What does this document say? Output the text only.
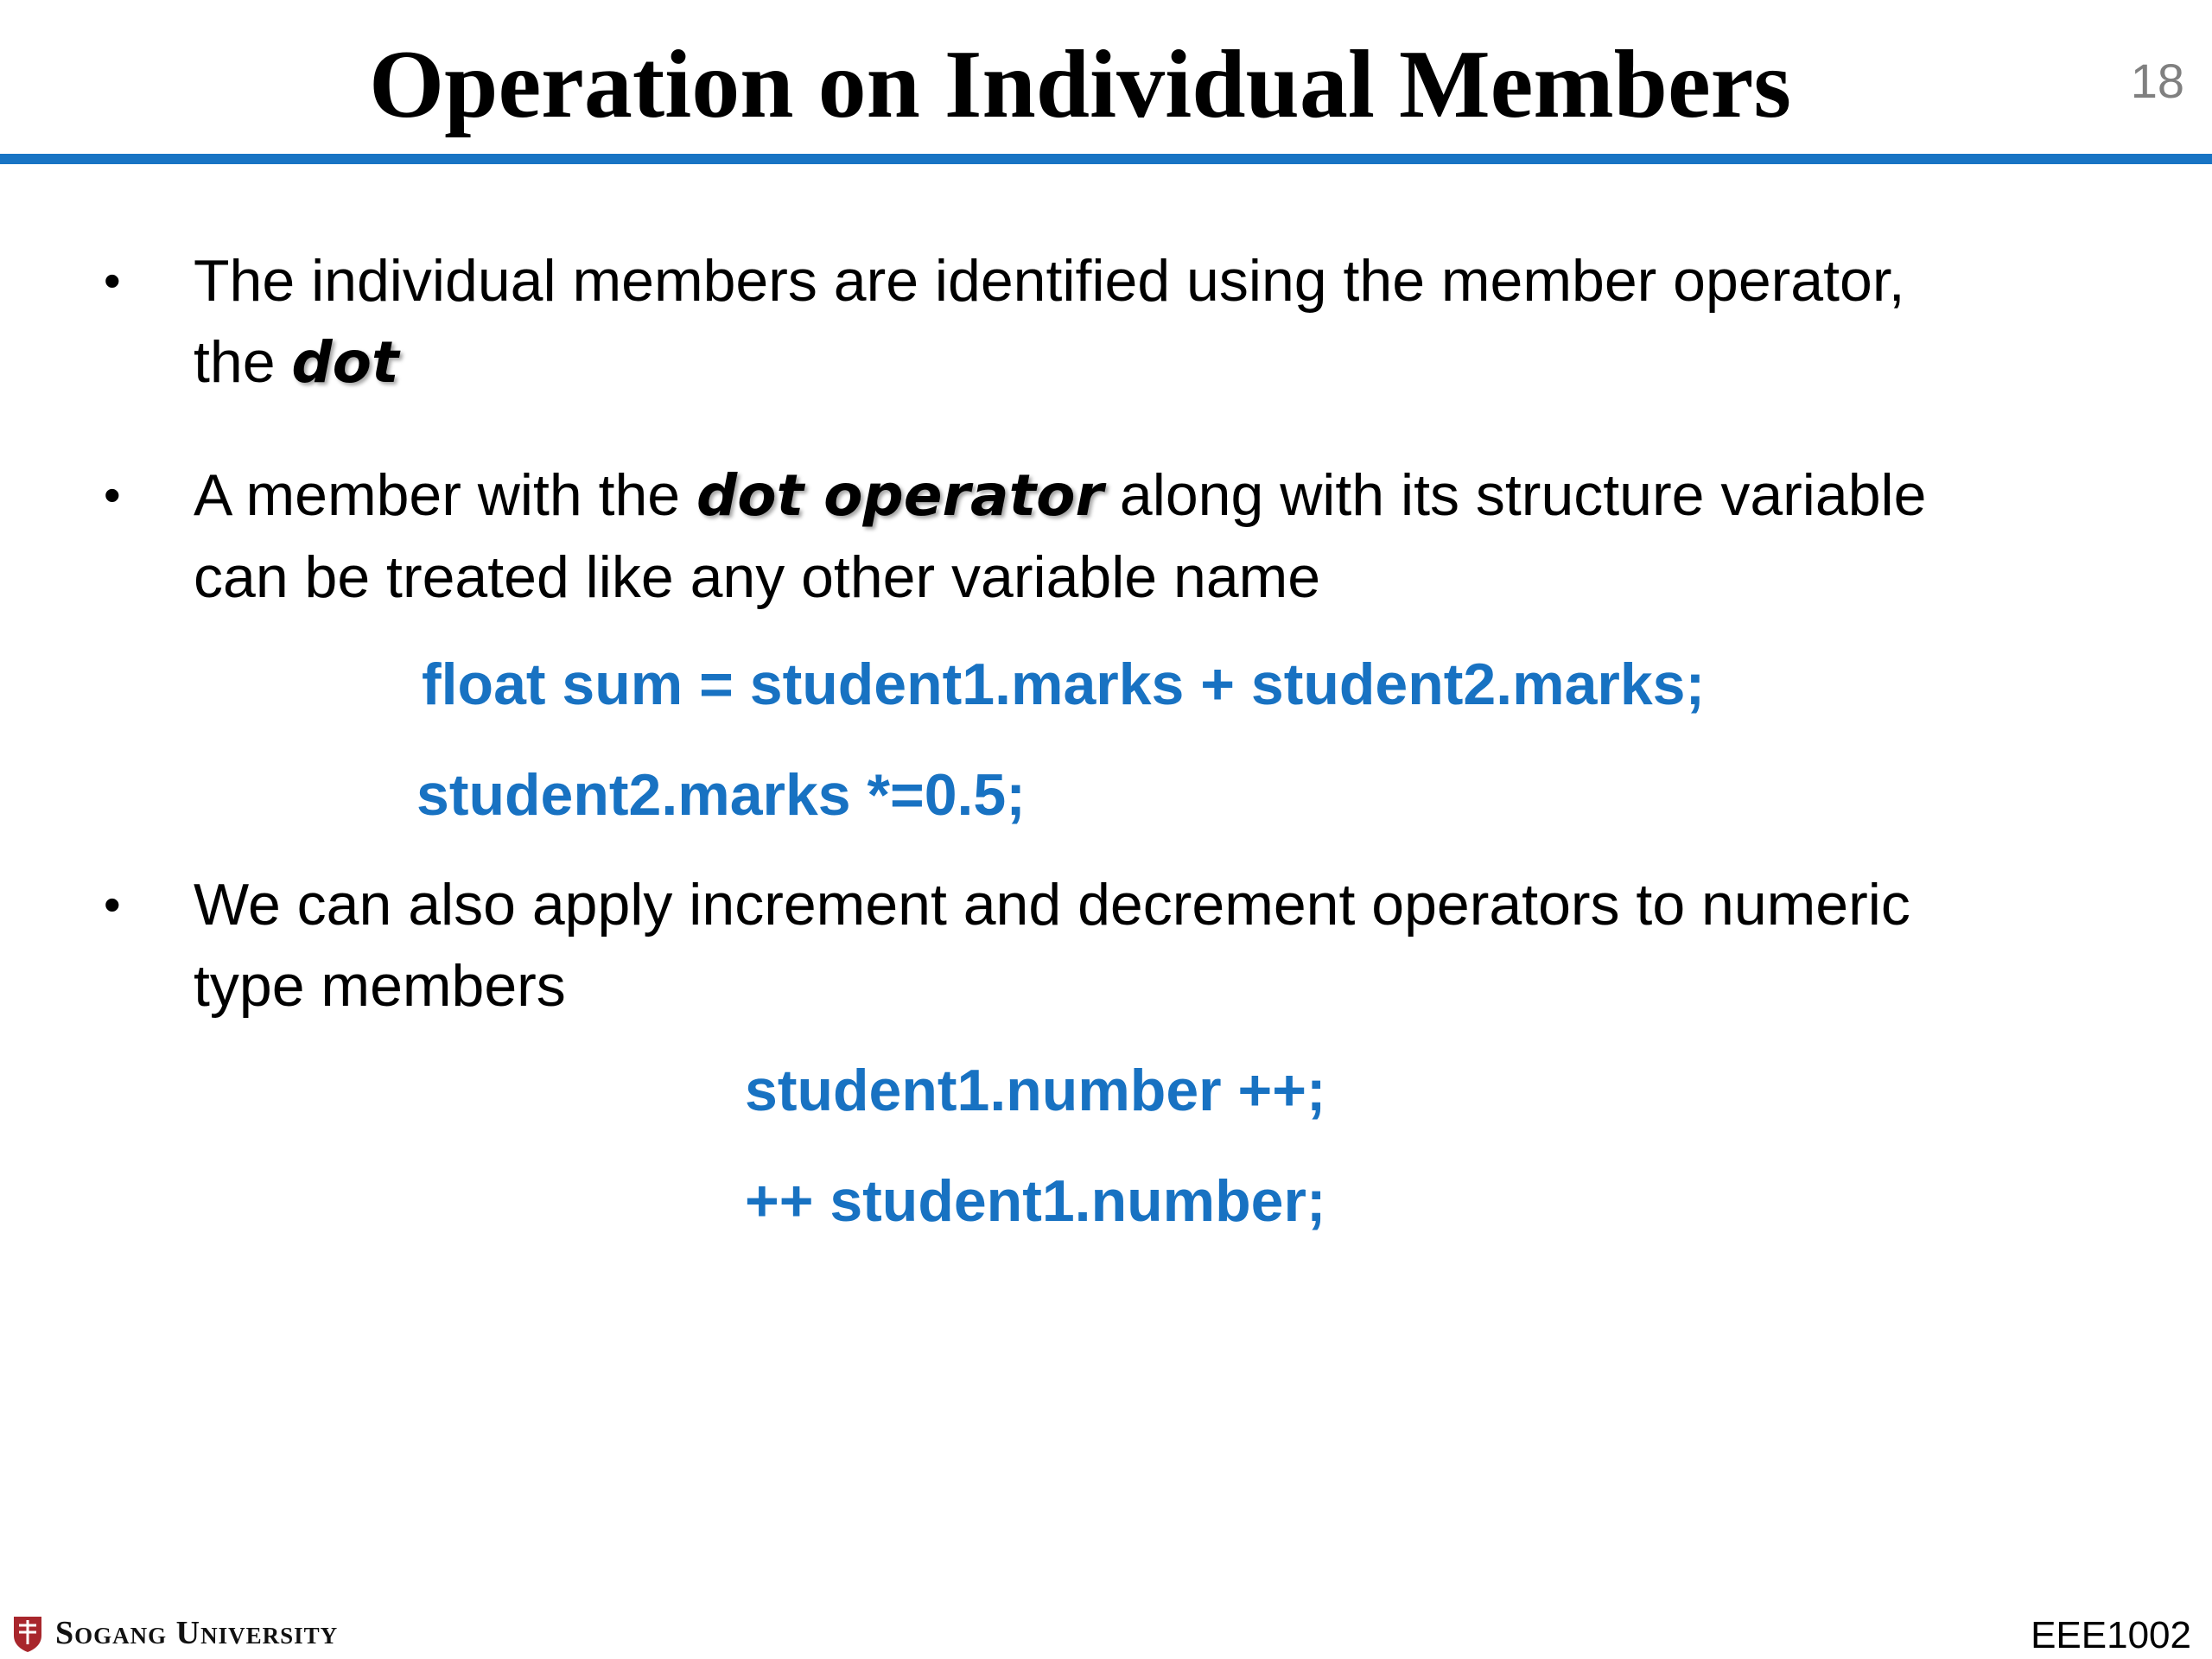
Operation on Individual Members	18
•	The individual members are identified using the member operator,
the dot
•	A member with the dot operator along with its structure variable
can be treated like any other variable name
float sum = student1.marks + student2.marks;
student2.marks *=0.5;
•	We can also apply increment and decrement operators to numeric
type members
student1.number ++;
++ student1.number;
Sogang University	EEE1002
